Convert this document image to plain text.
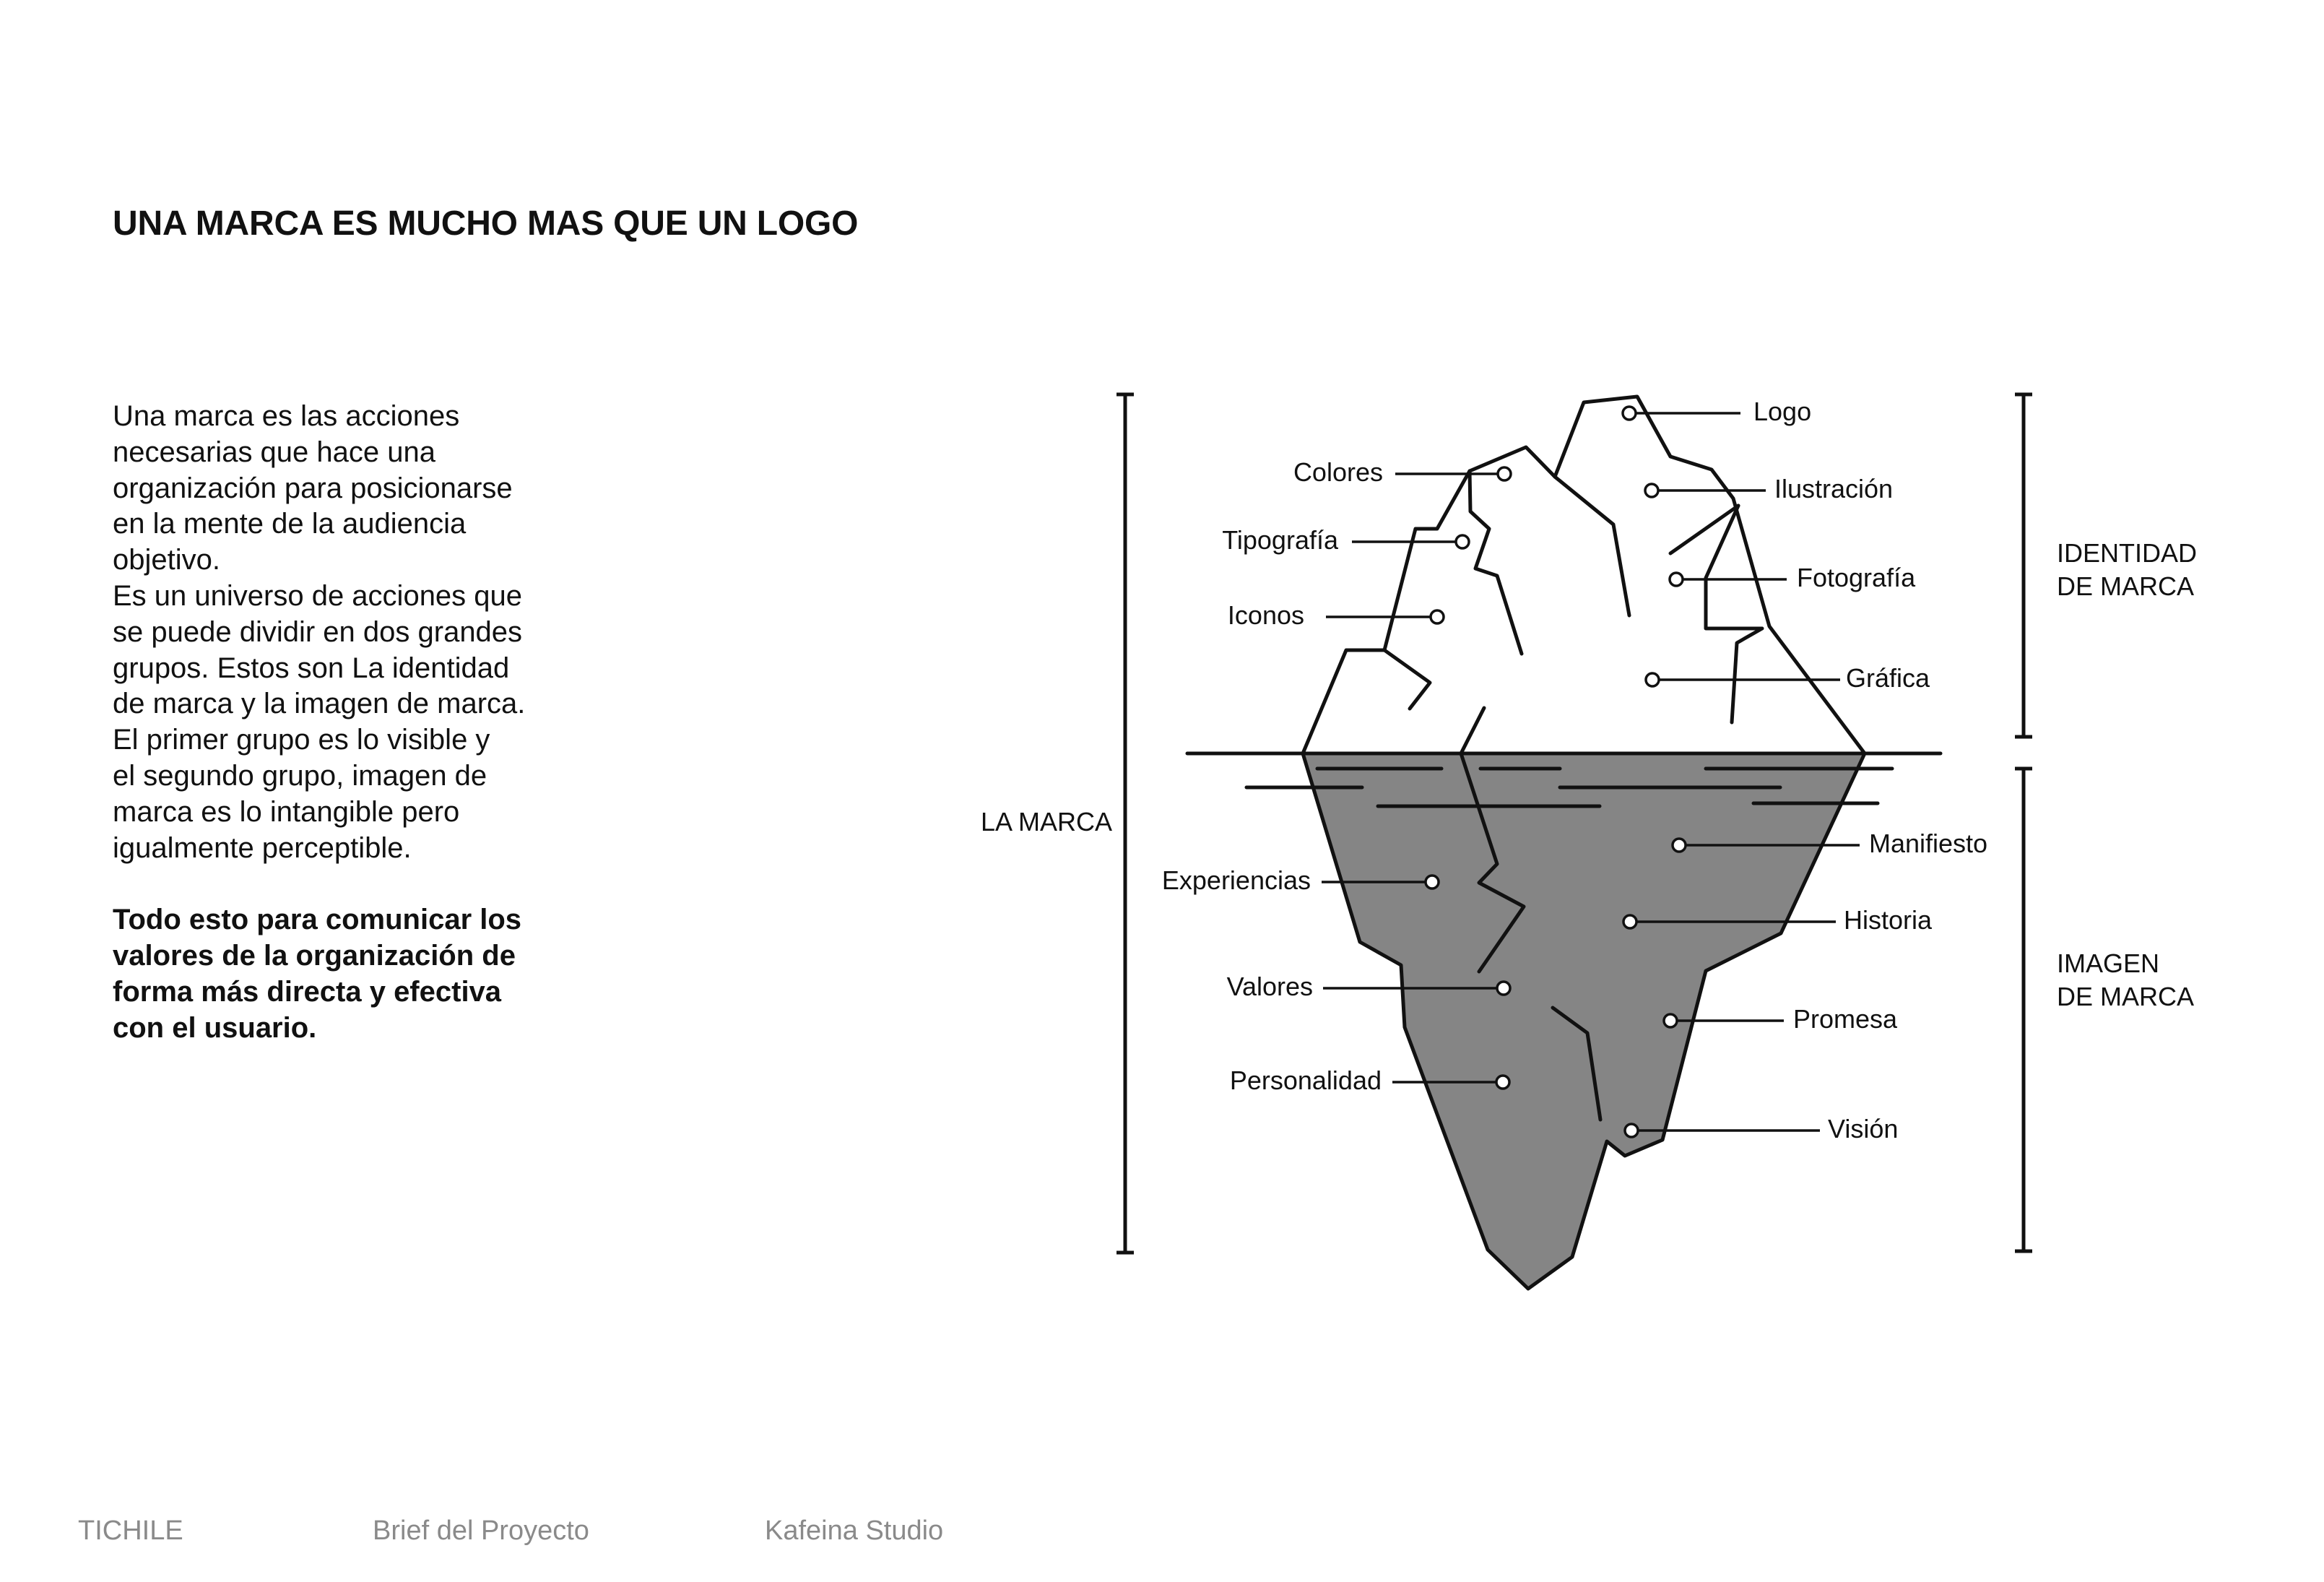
UNA MARCA ES MUCHO MAS QUE UN LOGO

Una marca es las acciones

necesarias que hace una

organización para posicionarse

en la mente de la audiencia

objetivo.

Es un universo de acciones que

se puede dividir en dos grandes

grupos. Estos son La identidad

de marca y la imagen de marca.

El primer grupo es lo visible y

el segundo grupo, imagen de

marca es lo intangible pero

igualmente perceptible.

Todo esto para comunicar los

valores de la organización de

forma más directa y efectiva

con el usuario.

LA MARCA
IDENTIDAD
DE MARCA
IMAGEN
DE MARCA
Logo
Colores
Ilustración
Tipografía
Fotografía
Iconos
Gráfica
Manifiesto
Experiencias
Historia
Valores
Promesa
Personalidad
Visión
TICHILE	Brief del Proyecto	Kafeina Studio
